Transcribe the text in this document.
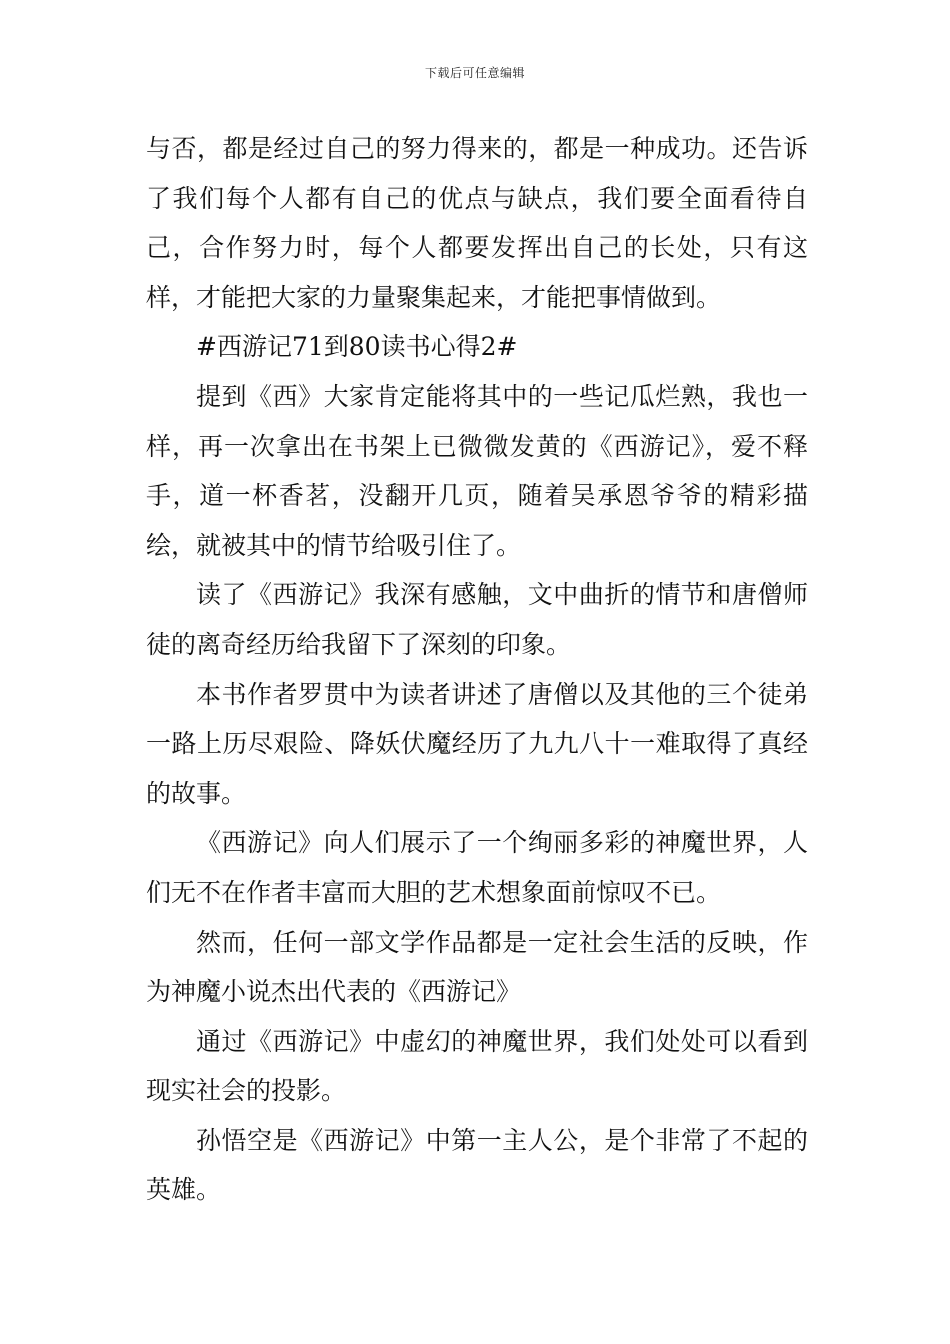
下载后可任意编辑

与否，都是经过自己的努力得来的，都是一种成功。还告诉了我们每个人都有自己的优点与缺点，我们要全面看待自己，合作努力时，每个人都要发挥出自己的长处，只有这样，才能把大家的力量聚集起来，才能把事情做到。

#西游记71到80读书心得2#

提到《西》大家肯定能将其中的一些记瓜烂熟，我也一样，再一次拿出在书架上已微微发黄的《西游记》，爱不释手，道一杯香茗，没翻开几页，随着吴承恩爷爷的精彩描绘，就被其中的情节给吸引住了。

读了《西游记》我深有感触，文中曲折的情节和唐僧师徒的离奇经历给我留下了深刻的印象。

本书作者罗贯中为读者讲述了唐僧以及其他的三个徒弟一路上历尽艰险、降妖伏魔经历了九九八十一难取得了真经的故事。

《西游记》向人们展示了一个绚丽多彩的神魔世界，人们无不在作者丰富而大胆的艺术想象面前惊叹不已。

然而，任何一部文学作品都是一定社会生活的反映，作为神魔小说杰出代表的《西游记》

通过《西游记》中虚幻的神魔世界，我们处处可以看到现实社会的投影。

孙悟空是《西游记》中第一主人公，是个非常了不起的英雄。
